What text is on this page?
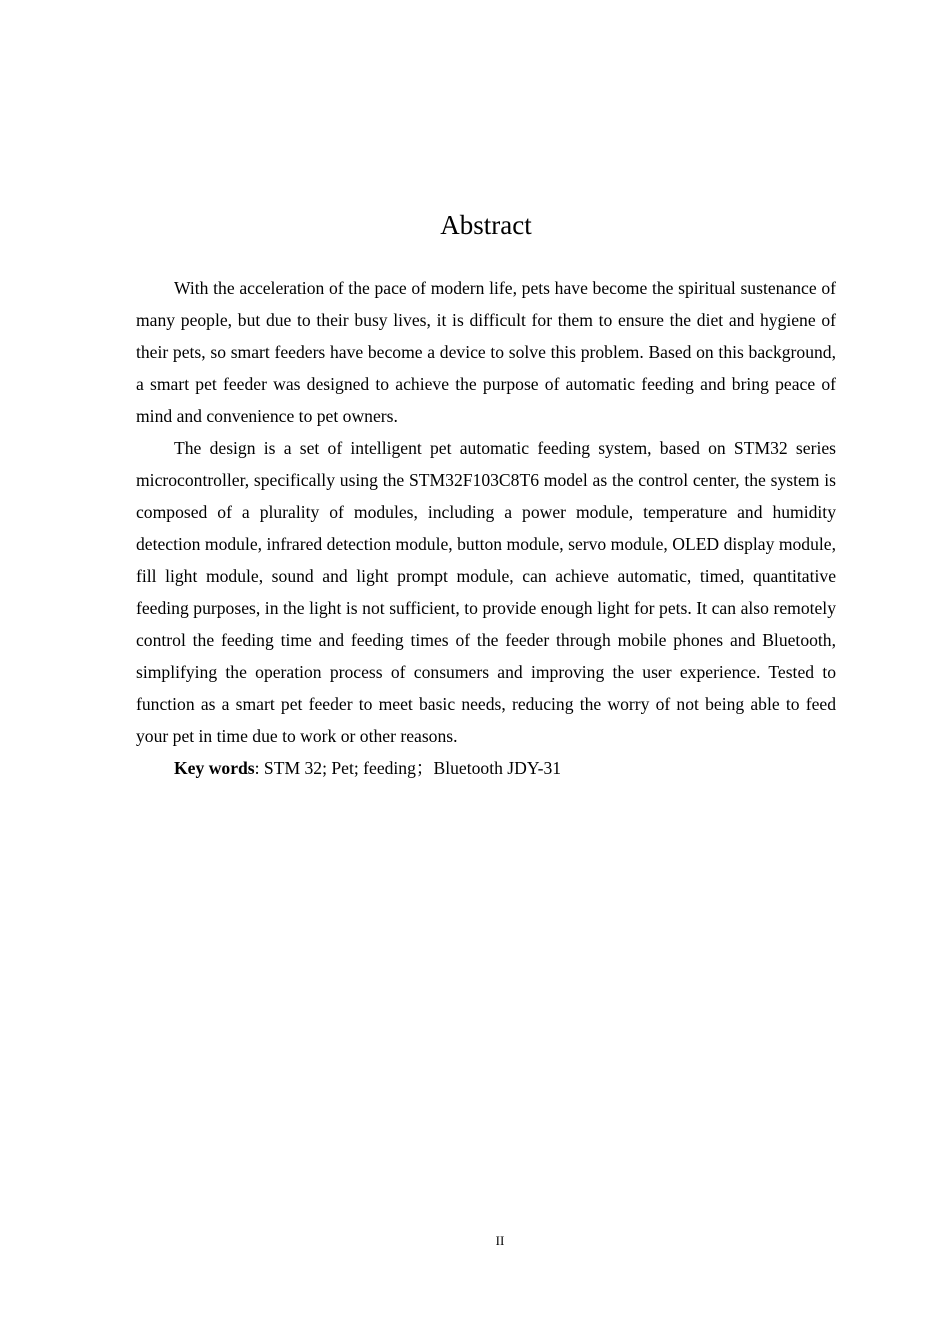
Abstract

With the acceleration of the pace of modern life, pets have become the spiritual sustenance of many people, but due to their busy lives, it is difficult for them to ensure the diet and hygiene of their pets, so smart feeders have become a device to solve this problem. Based on this background, a smart pet feeder was designed to achieve the purpose of automatic feeding and bring peace of mind and convenience to pet owners.

The design is a set of intelligent pet automatic feeding system, based on STM32 series microcontroller, specifically using the STM32F103C8T6 model as the control center, the system is composed of a plurality of modules, including a power module, temperature and humidity detection module, infrared detection module, button module, servo module, OLED display module, fill light module, sound and light prompt module, can achieve automatic, timed, quantitative feeding purposes, in the light is not sufficient, to provide enough light for pets. It can also remotely control the feeding time and feeding times of the feeder through mobile phones and Bluetooth, simplifying the operation process of consumers and improving the user experience. Tested to function as a smart pet feeder to meet basic needs, reducing the worry of not being able to feed your pet in time due to work or other reasons.

Key words: STM 32; Pet; feeding；Bluetooth JDY-31

II
